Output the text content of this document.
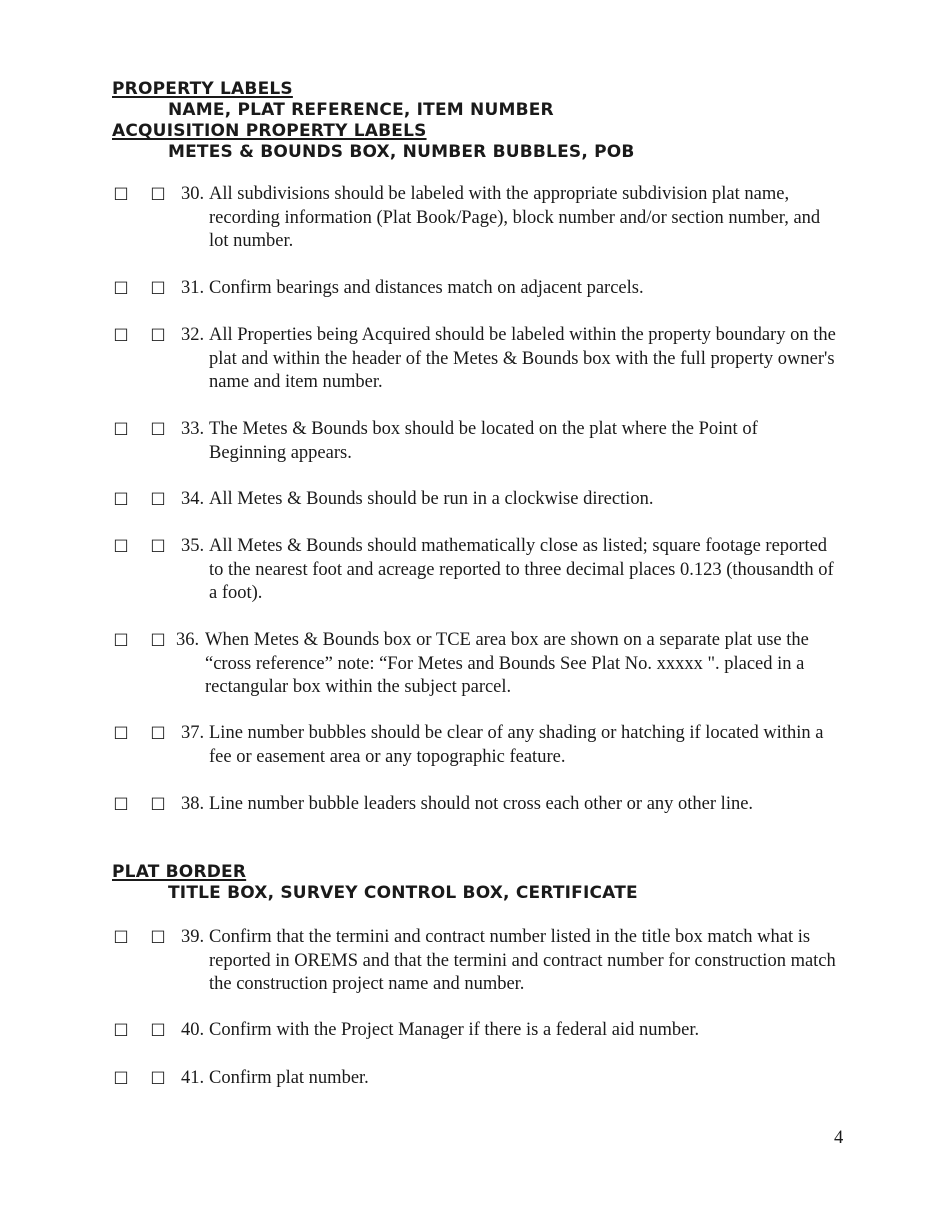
PROPERTY LABELS
NAME, PLAT REFERENCE, ITEM NUMBER
ACQUISITION PROPERTY LABELS
METES & BOUNDS BOX, NUMBER BUBBLES, POB
☐ ☐ 30. All subdivisions should be labeled with the appropriate subdivision plat name, recording information (Plat Book/Page), block number and/or section number, and lot number.
☐ ☐ 31. Confirm bearings and distances match on adjacent parcels.
☐ ☐ 32. All Properties being Acquired should be labeled within the property boundary on the plat and within the header of the Metes & Bounds box with the full property owner's name and item number.
☐ ☐ 33. The Metes & Bounds box should be located on the plat where the Point of Beginning appears.
☐ ☐ 34. All Metes & Bounds should be run in a clockwise direction.
☐ ☐ 35. All Metes & Bounds should mathematically close as listed; square footage reported to the nearest foot and acreage reported to three decimal places 0.123 (thousandth of a foot).
☐ ☐ 36. When Metes & Bounds box or TCE area box are shown on a separate plat use the “cross reference” note: “For Metes and Bounds See Plat No. xxxxx ". placed in a rectangular box within the subject parcel.
☐ ☐ 37. Line number bubbles should be clear of any shading or hatching if located within a fee or easement area or any topographic feature.
☐ ☐ 38. Line number bubble leaders should not cross each other or any other line.
PLAT BORDER
TITLE BOX, SURVEY CONTROL BOX, CERTIFICATE
☐ ☐ 39. Confirm that the termini and contract number listed in the title box match what is reported in OREMS and that the termini and contract number for construction match the construction project name and number.
☐ ☐ 40. Confirm with the Project Manager if there is a federal aid number.
☐ ☐ 41. Confirm plat number.
4
